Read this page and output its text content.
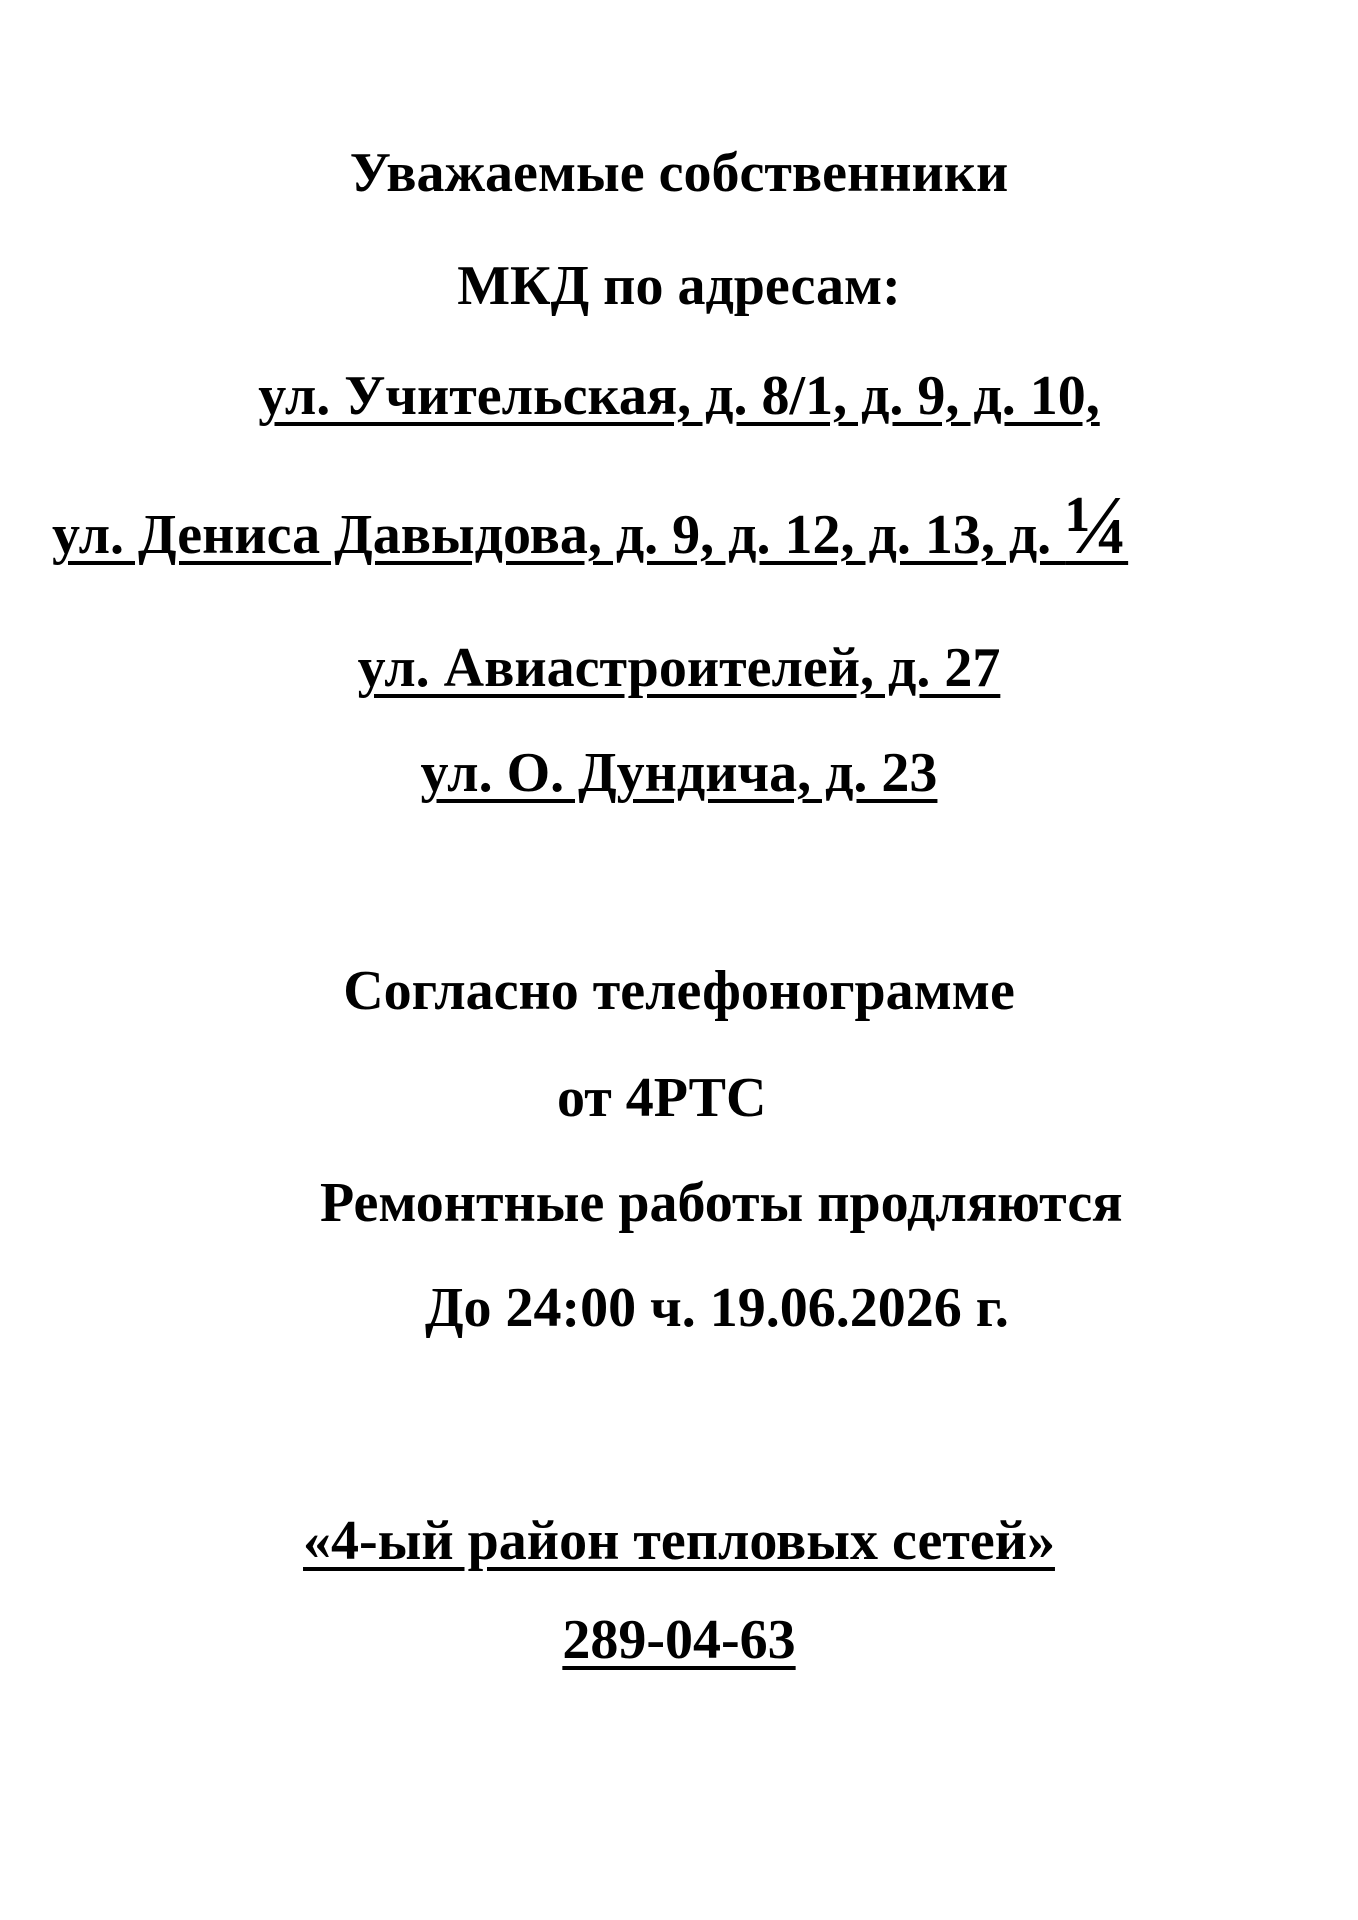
Уважаемые собственники
МКД по адресам:
ул. Учительская, д. 8/1, д. 9, д. 10,
ул. Дениса Давыдова, д. 9, д. 12, д. 13, д. ¼
ул. Авиастроителей, д. 27
ул. О. Дундича, д. 23
Согласно телефонограмме
от 4РТС
Ремонтные работы продляются
До 24:00 ч. 19.06.2026 г.
«4-ый район тепловых сетей»
289-04-63
